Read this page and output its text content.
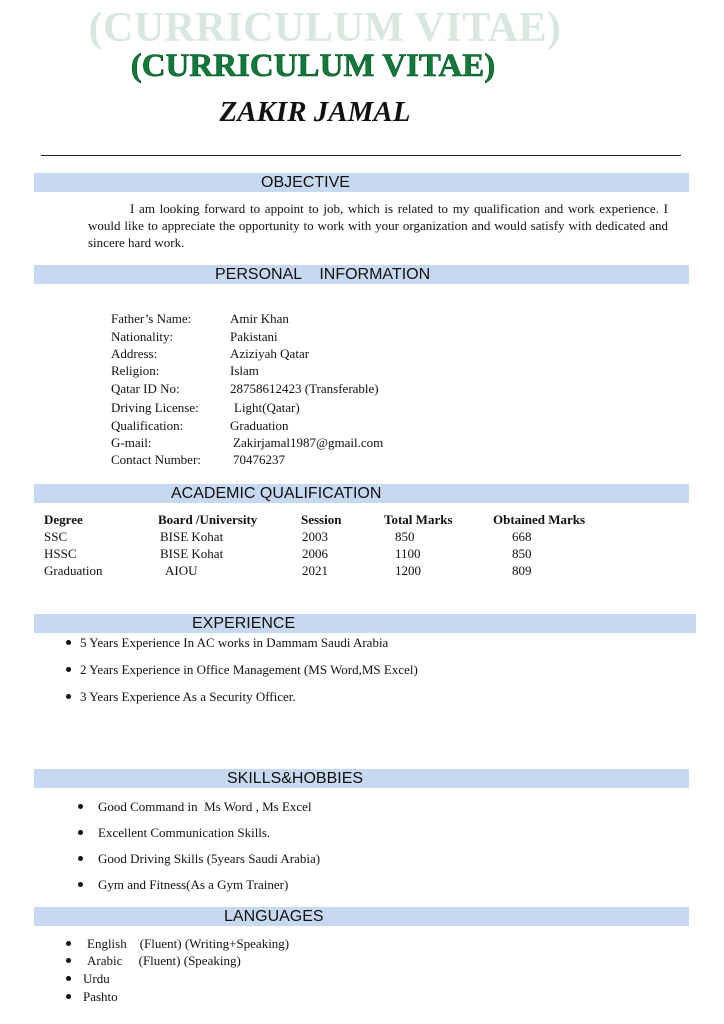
(CURRICULUM VITAE)
(CURRICULUM VITAE)
ZAKIR JAMAL
OBJECTIVE
I am looking forward to appoint to job, which is related to my qualification and work experience. I would like to appreciate the opportunity to work with your organization and would satisfy with dedicated and sincere hard work.
PERSONAL    INFORMATION
Father’s Name:	Amir Khan
Nationality:	Pakistani
Address:	Aziziyah Qatar
Religion:	Islam
Qatar ID No:	28758612423 (Transferable)
Driving License:	Light(Qatar)
Qualification:	Graduation
G-mail:	Zakirjamal1987@gmail.com
Contact Number: 70476237
ACADEMIC QUALIFICATION
Degree	Board /University	Session	Total Marks	Obtained Marks
SSC	BISE Kohat	2003	850	668
HSSC	BISE Kohat	2006	1100	850
Graduation	AIOU	2021	1200	809
EXPERIENCE
5 Years Experience In AC works in Dammam Saudi Arabia
2 Years Experience in Office Management (MS Word,MS Excel)
3 Years Experience As a Security Officer.
SKILLS&HOBBIES
Good Command in  Ms Word , Ms Excel
Excellent Communication Skills.
Good Driving Skills (5years Saudi Arabia)
Gym and Fitness(As a Gym Trainer)
LANGUAGES
English    (Fluent) (Writing+Speaking)
Arabic     (Fluent) (Speaking)
Urdu
Pashto
